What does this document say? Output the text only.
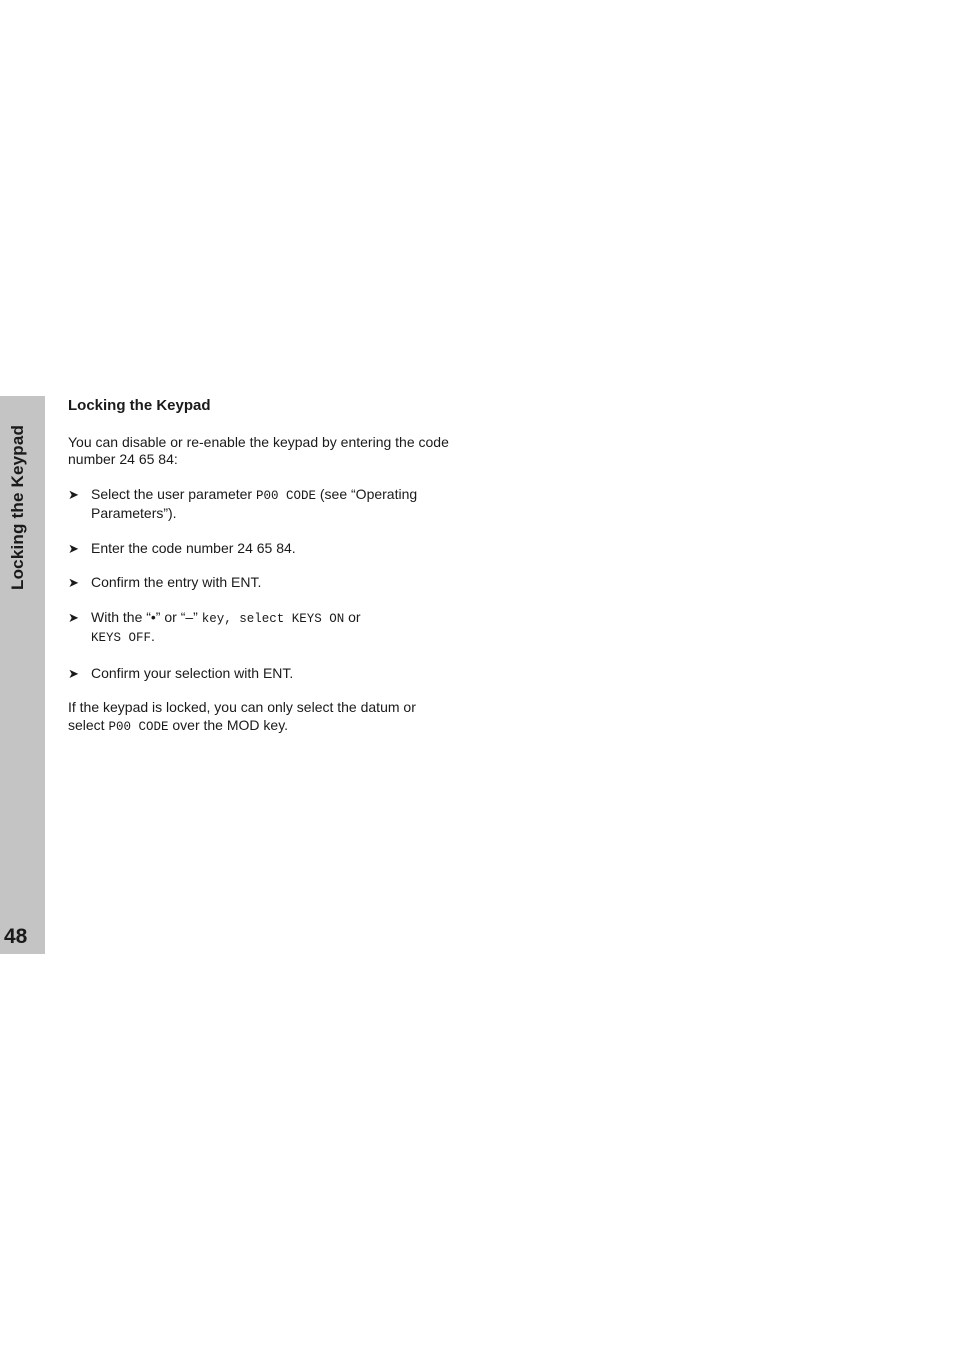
Locking the Keypad
48
Locking the Keypad

You can disable or re-enable the keypad by entering the code number 24 65 84:

➤ Select the user parameter P00 CODE (see “Operating Parameters”).
➤ Enter the code number 24 65 84.
➤ Confirm the entry with ENT.
➤ With the “•” or “–” key, select KEYS ON or
KEYS OFF.
➤ Confirm your selection with ENT.

If the keypad is locked, you can only select the datum or select P00 CODE over the MOD key.
